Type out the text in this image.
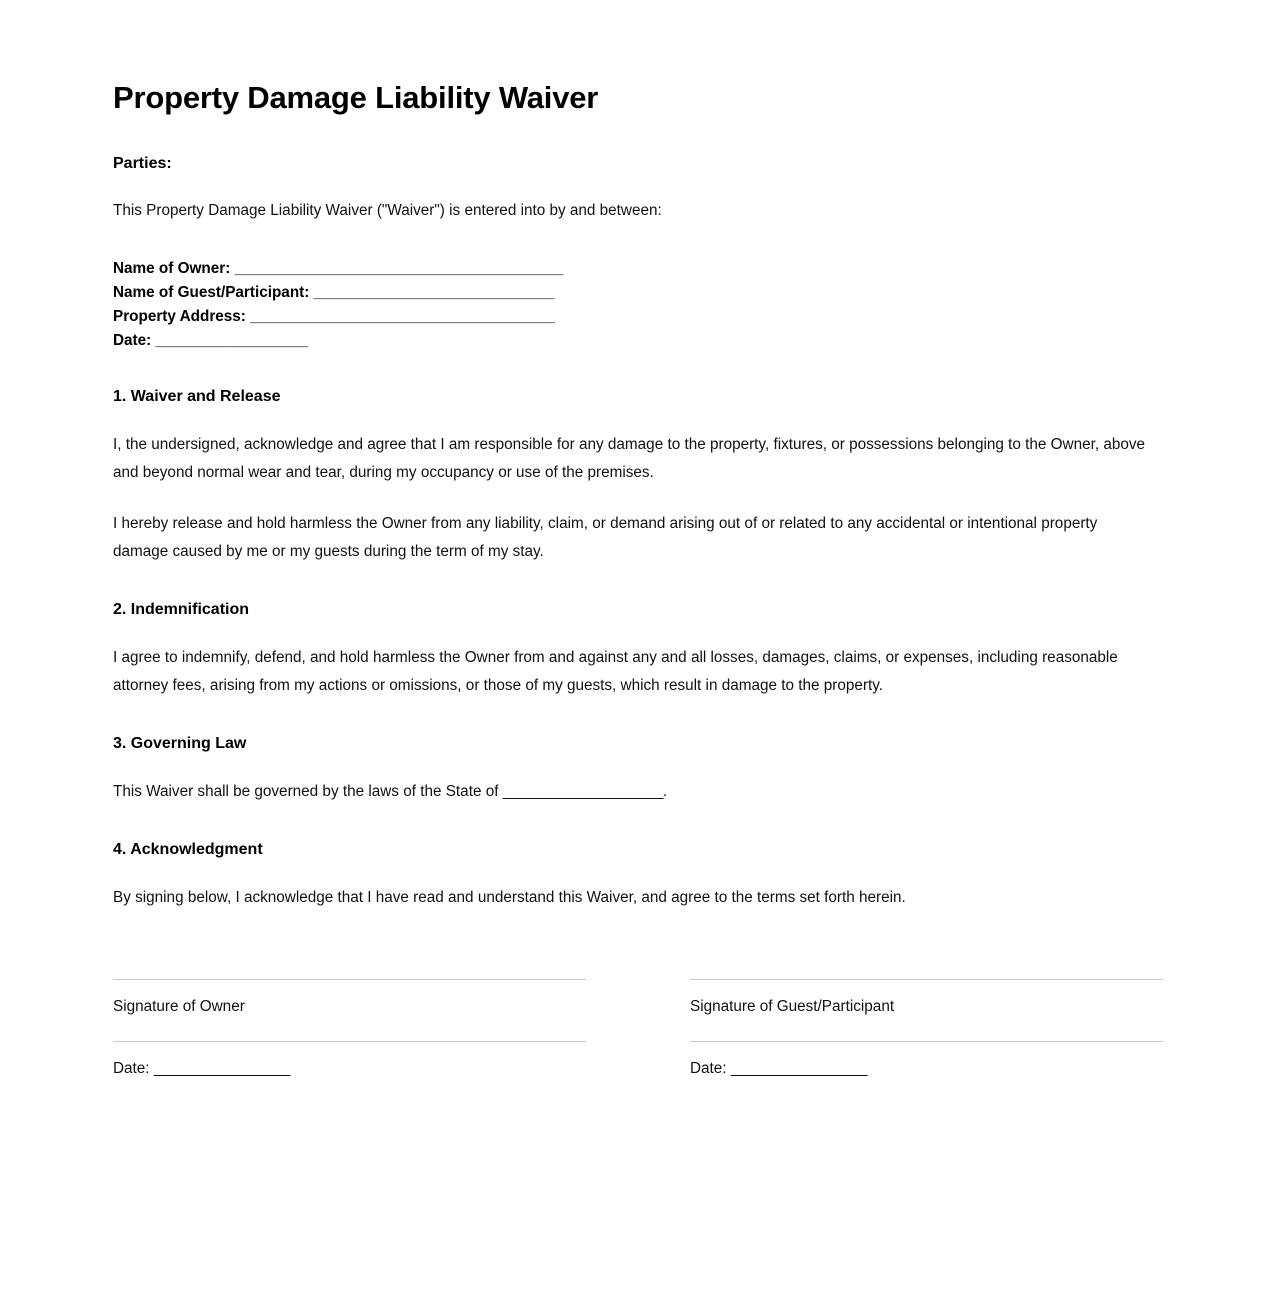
Property Damage Liability Waiver
Parties:

This Property Damage Liability Waiver ("Waiver") is entered into by and between:

Name of Owner: _________________________________________
Name of Guest/Participant: ______________________________
Property Address: ______________________________________
Date: ___________________
1. Waiver and Release

I, the undersigned, acknowledge and agree that I am responsible for any damage to the property, fixtures, or possessions belonging to the Owner, above and beyond normal wear and tear, during my occupancy or use of the premises.

I hereby release and hold harmless the Owner from any liability, claim, or demand arising out of or related to any accidental or intentional property damage caused by me or my guests during the term of my stay.

2. Indemnification

I agree to indemnify, defend, and hold harmless the Owner from and against any and all losses, damages, claims, or expenses, including reasonable attorney fees, arising from my actions or omissions, or those of my guests, which result in damage to the property.

3. Governing Law

This Waiver shall be governed by the laws of the State of ____________________.

4. Acknowledgment

By signing below, I acknowledge that I have read and understand this Waiver, and agree to the terms set forth herein.

Signature of Owner		Signature of Guest/Participant

Date: _________________		Date: _________________
